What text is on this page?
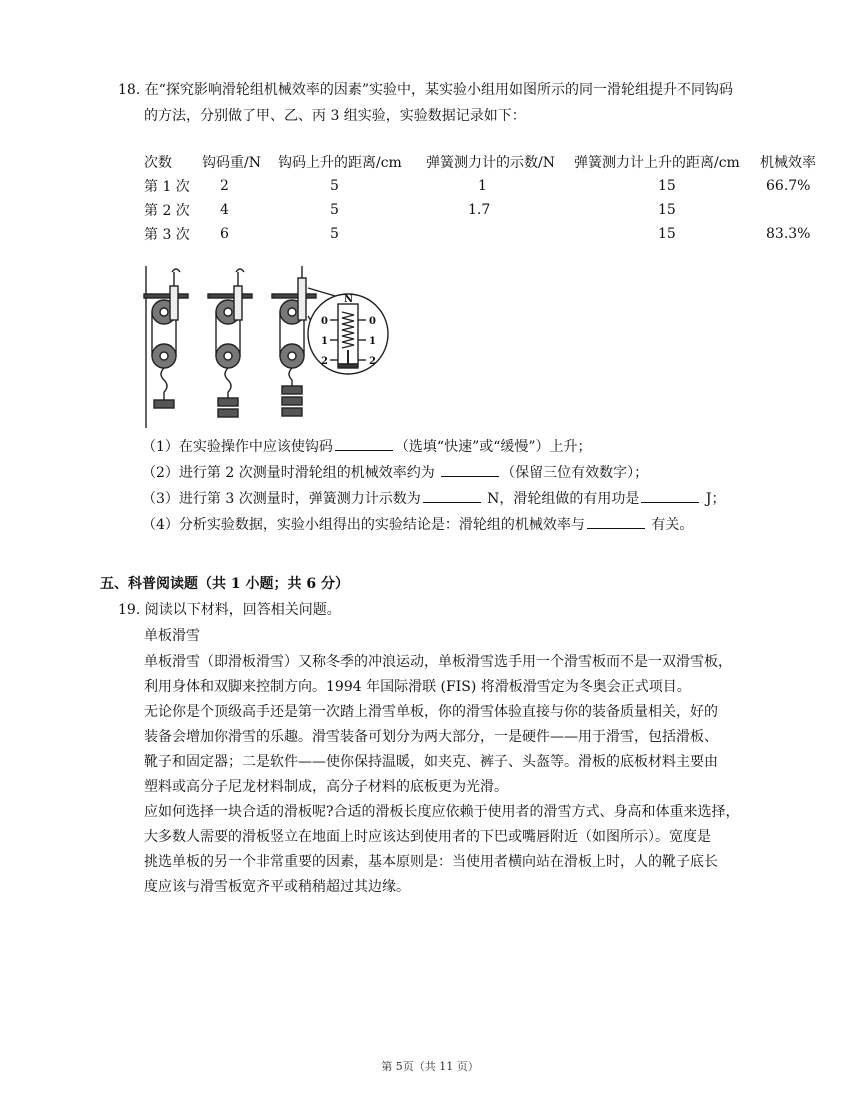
18. 在“探究影响滑轮组机械效率的因素”实验中，某实验小组用如图所示的同一滑轮组提升不同钩码
的方法，分别做了甲、乙、丙 3 组实验，实验数据记录如下：
次数	钩码重/N	钩码上升的距离/cm	弹簧测力计的示数/N	弹簧测力计上升的距离/cm	机械效率
第 1 次	2	5	1	15	66.7%
第 2 次	4	5	1.7	15	
第 3 次	6	5		15	83.3%
N
0	0
1	1
2	2
（1）在实验操作中应该使钩码	（选填“快速”或“缓慢”）上升；
（2）进行第 2 次测量时滑轮组的机械效率约为	（保留三位有效数字）；
（3）进行第 3 次测量时，弹簧测力计示数为	N，滑轮组做的有用功是	J；
（4）分析实验数据，实验小组得出的实验结论是：滑轮组的机械效率与	有关。
五、科普阅读题（共 1 小题；共 6 分）
19. 阅读以下材料，回答相关问题。
单板滑雪
单板滑雪（即滑板滑雪）又称冬季的冲浪运动，单板滑雪选手用一个滑雪板而不是一双滑雪板，
利用身体和双脚来控制方向。1994 年国际滑联 (FIS) 将滑板滑雪定为冬奥会正式项目。
无论你是个顶级高手还是第一次踏上滑雪单板，你的滑雪体验直接与你的装备质量相关，好的
装备会增加你滑雪的乐趣。滑雪装备可划分为两大部分，一是硬件——用于滑雪，包括滑板、
靴子和固定器；二是软件——使你保持温暖，如夹克、裤子、头盔等。滑板的底板材料主要由
塑料或高分子尼龙材料制成，高分子材料的底板更为光滑。
应如何选择一块合适的滑板呢?合适的滑板长度应依赖于使用者的滑雪方式、身高和体重来选择，
大多数人需要的滑板竖立在地面上时应该达到使用者的下巴或嘴唇附近（如图所示）。宽度是
挑选单板的另一个非常重要的因素，基本原则是：当使用者横向站在滑板上时，人的靴子底长
度应该与滑雪板宽齐平或稍稍超过其边缘。
第 5页（共 11 页）
